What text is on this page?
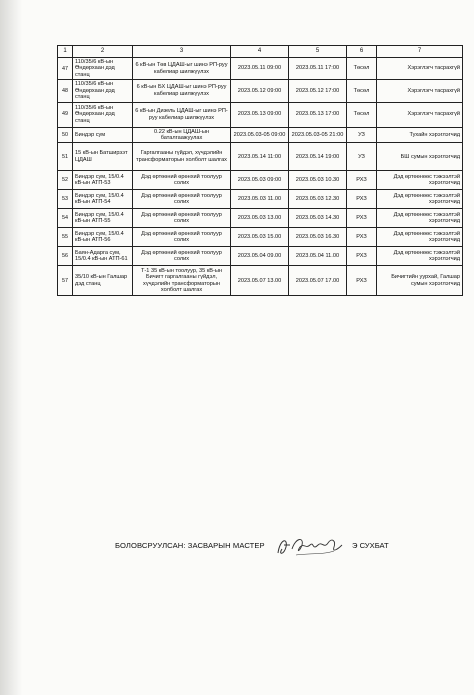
1	2	3	4	5	6	7
47	110/35/6 кВ-ын Өндөрхаан дэд станц	6 кВ-ын Төв ЦДАШ-ыг шинэ РП-руу кабелиар шилжүүлэх	2023.05.11 09:00	2023.05.11 17:00	Төсөл	Хэрэглэгч тасрахгүй
48	110/35/6 кВ-ын Өндөрхаан дэд станц	6 кВ-ын БХ ЦДАШ-ыг шинэ РП-руу кабелиар шилжүүлэх	2023.05.12 09:00	2023.05.12 17:00	Төсөл	Хэрэглэгч тасрахгүй
49	110/35/6 кВ-ын Өндөрхаан дэд станц	6 кВ-ын Дизель ЦДАШ-ыг шинэ РП-руу кабелиар шилжүүлэх	2023.05.13 09:00	2023.05.13 17:00	Төсөл	Хэрэглэгч тасрахгүй
50	Биндэр сум	0.22 кВ-ын ЦДАШ-ын баталгаажуулах	2023.05.03-05 09:00	2023.05.03-05 21:00	УЗ	Тухайн хэрэглэгчид
51	15 кВ-ын Батширээт ЦДАШ	Гаргалгааны гүйдэл, хүчдэлийн трансформаторын холболт шалгах	2023.05.14 11:00	2023.05.14 19:00	УЗ	БШ сумын хэрэглэгчид
52	Биндэр сум, 15/0.4 кВ-ын АТП-53	Дэд өртөөний өрөнхий тоолуур солих	2023.05.03 09:00	2023.05.03 10.30	РХЗ	Дэд өртөөнөөс тэжээлтэй хэрэглэгчид
53	Биндэр сум, 15/0.4 кВ-ын АТП-54	Дэд өртөөний өрөнхий тоолуур солих	2023.05.03 11.00	2023.05.03 12.30	РХЗ	Дэд өртөөнөөс тэжээлтэй хэрэглэгчид
54	Биндэр сум, 15/0.4 кВ-ын АТП-55	Дэд өртөөний өрөнхий тоолуур солих	2023.05.03 13.00	2023.05.03 14.30	РХЗ	Дэд өртөөнөөс тэжээлтэй хэрэглэгчид
55	Биндэр сум, 15/0.4 кВ-ын АТП-56	Дэд өртөөний өрөнхий тоолуур солих	2023.05.03 15.00	2023.05.03 16.30	РХЗ	Дэд өртөөнөөс тэжээлтэй хэрэглэгчид
56	Баян-Адарга сум, 15/0.4 кВ-ын АТП-61	Дэд өртөөний өрөнхий тоолуур солих	2023.05.04 09.00	2023.05.04 11.00	РХЗ	Дэд өртөөнөөс тэжээлтэй хэрэглэгчид
57	35/10 кВ-ын Галшар дэд станц	Т-1 35 кВ-ын тоолуур, 35 кВ-ын Бичигт гаргалгааны гүйдэл, хүчдэлийн трансформаторын холболт шалгах	2023.05.07 13.00	2023.05.07 17.00	РХЗ	Бичигтийн уурхай, Галшар сумын хэрэглэгчид
БОЛОВСРУУЛСАН: ЗАСВАРЫН МАСТЕР	Э СУХБАТ
